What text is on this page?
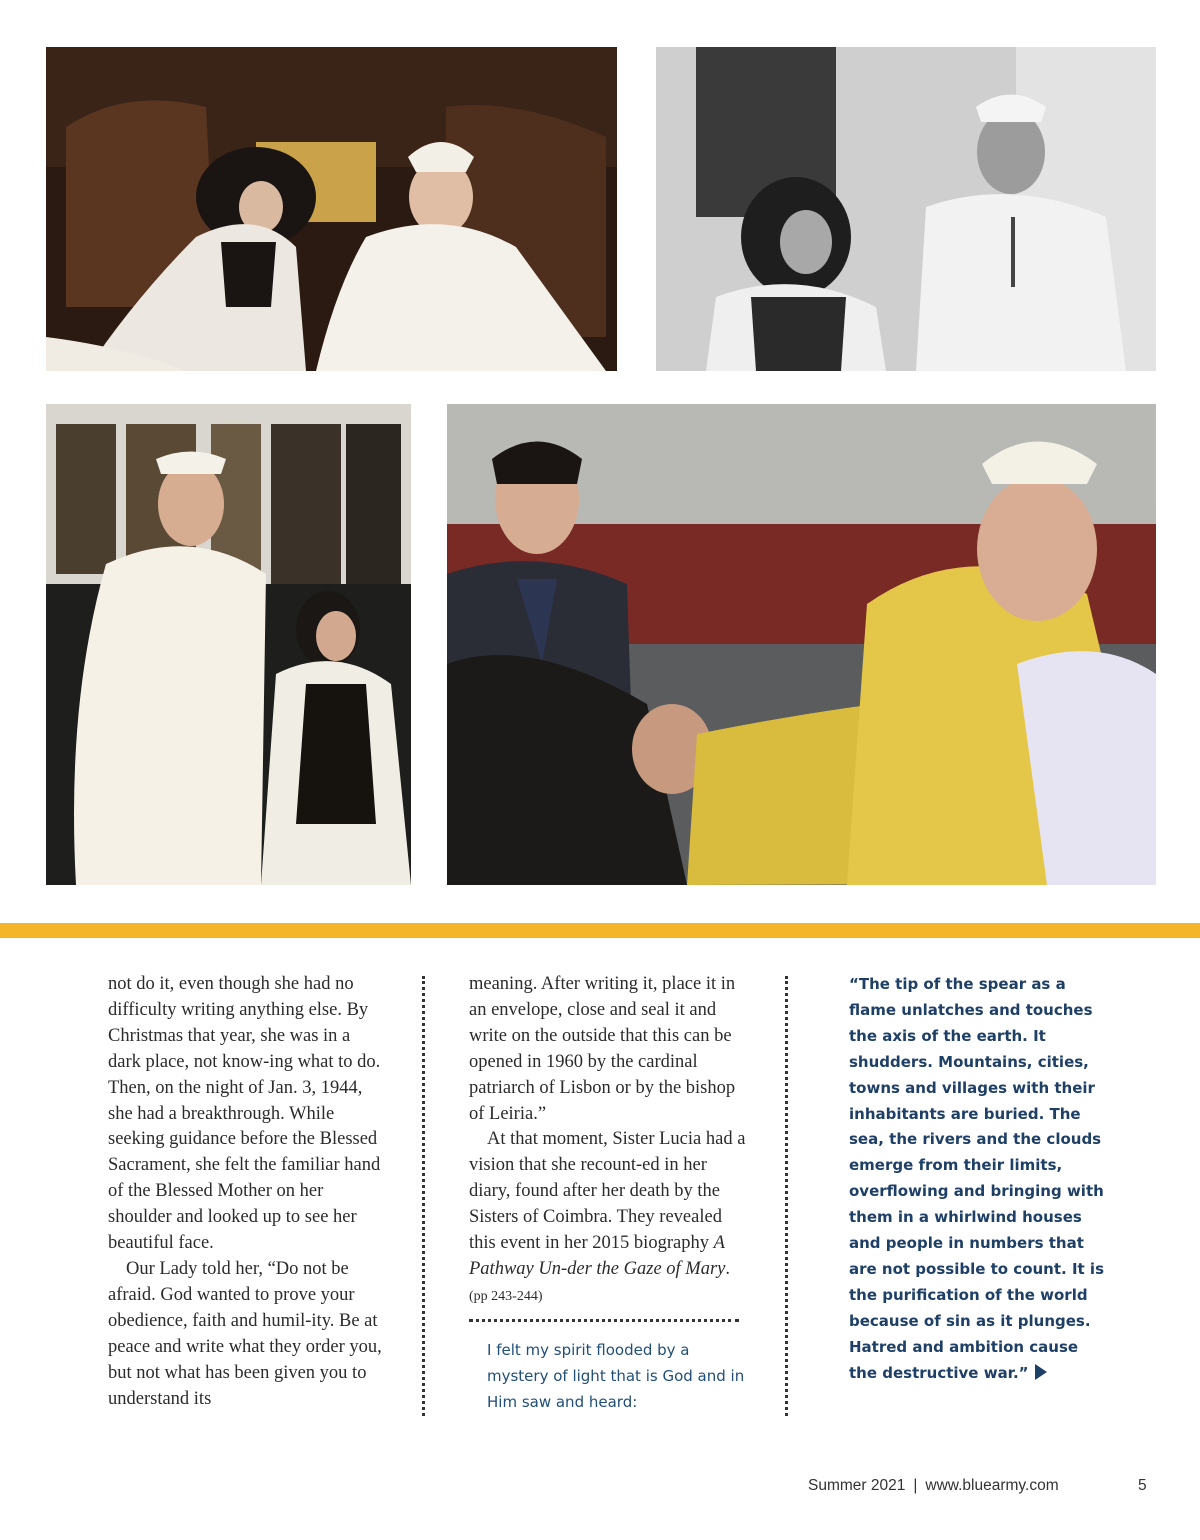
not do it, even though she had no difficulty writing anything else. By Christmas that year, she was in a dark place, not know-ing what to do. Then, on the night of Jan. 3, 1944, she had a breakthrough. While seeking guidance before the Blessed Sacrament, she felt the familiar hand of the Blessed Mother on her shoulder and looked up to see her beautiful face.

Our Lady told her, “Do not be afraid. God wanted to prove your obedience, faith and humil-ity. Be at peace and write what they order you, but not what has been given you to understand its

meaning. After writing it, place it in an envelope, close and seal it and write on the outside that this can be opened in 1960 by the cardinal patriarch of Lisbon or by the bishop of Leiria.”

At that moment, Sister Lucia had a vision that she recount-ed in her diary, found after her death by the Sisters of Coimbra. They revealed this event in her 2015 biography A Pathway Un-der the Gaze of Mary. (pp 243-244)

I felt my spirit flooded by a mystery of light that is God and in Him saw and heard:
“The tip of the spear as a flame unlatches and touches the axis of the earth. It shudders. Mountains, cities, towns and villages with their inhabitants are buried. The sea, the rivers and the clouds emerge from their limits, overflowing and bringing with them in a whirlwind houses and people in numbers that are not possible to count. It is the purification of the world because of sin as it plunges. Hatred and ambition cause the destructive war.”
Summer 2021 | www.bluearmy.com	5
